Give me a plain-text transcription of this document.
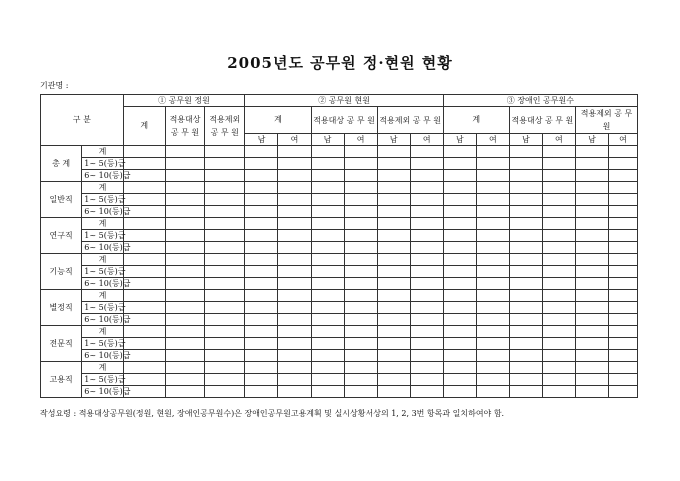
2005년도 공무원 정·현원 현황
기관명 :
구 분		① 공무원 정원			② 공무원 현원						③ 장애인 공무원수					
		계	적용대상 공 무 원	적용제외 공 무 원	계		적용대상 공 무 원		적용제외 공 무 원		계		적용대상 공 무 원		적용제외 공 무 원	
					남	여	남	여	남	여	남	여	남	여	남	여
총 계	계															
	1~ 5(등)급															
	6~ 10(등)급															
일반직	계															
	1~ 5(등)급															
	6~ 10(등)급															
연구직	계															
	1~ 5(등)급															
	6~ 10(등)급															
기능직	계															
	1~ 5(등)급															
	6~ 10(등)급															
별정직	계															
	1~ 5(등)급															
	6~ 10(등)급															
전문직	계															
	1~ 5(등)급															
	6~ 10(등)급															
고용직	계															
	1~ 5(등)급															
	6~ 10(등)급															
작성요령 : 적용대상공무원(정원, 현원, 장애인공무원수)은 장애인공무원고용계획 및 실시상황서상의 1, 2, 3번 항목과 일치하여야 함.
